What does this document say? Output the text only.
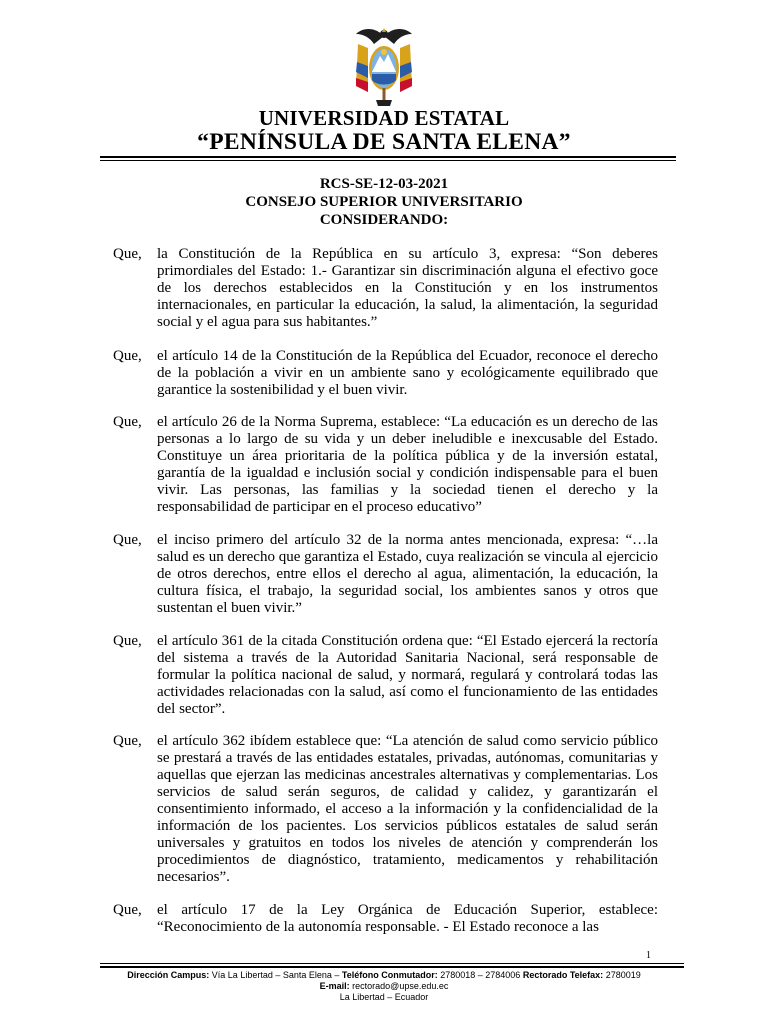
UNIVERSIDAD ESTATAL
“PENÍNSULA DE SANTA ELENA”
RCS-SE-12-03-2021
CONSEJO SUPERIOR UNIVERSITARIO
CONSIDERANDO:
Que, la Constitución de la República en su artículo 3, expresa: “Son deberes primordiales del Estado: 1.- Garantizar sin discriminación alguna el efectivo goce de los derechos establecidos en la Constitución y en los instrumentos internacionales, en particular la educación, la salud, la alimentación, la seguridad social y el agua para sus habitantes.”
Que, el artículo 14 de la Constitución de la República del Ecuador, reconoce el derecho de la población a vivir en un ambiente sano y ecológicamente equilibrado que garantice la sostenibilidad y el buen vivir.
Que, el artículo 26 de la Norma Suprema, establece: “La educación es un derecho de las personas a lo largo de su vida y un deber ineludible e inexcusable del Estado. Constituye un área prioritaria de la política pública y de la inversión estatal, garantía de la igualdad e inclusión social y condición indispensable para el buen vivir. Las personas, las familias y la sociedad tienen el derecho y la responsabilidad de participar en el proceso educativo”
Que, el inciso primero del artículo 32 de la norma antes mencionada, expresa: “…la salud es un derecho que garantiza el Estado, cuya realización se vincula al ejercicio de otros derechos, entre ellos el derecho al agua, alimentación, la educación, la cultura física, el trabajo, la seguridad social, los ambientes sanos y otros que sustentan el buen vivir.”
Que, el artículo 361 de la citada Constitución ordena que: “El Estado ejercerá la rectoría del sistema a través de la Autoridad Sanitaria Nacional, será responsable de formular la política nacional de salud, y normará, regulará y controlará todas las actividades relacionadas con la salud, así como el funcionamiento de las entidades del sector”.
Que, el artículo 362 ibídem establece que: “La atención de salud como servicio público se prestará a través de las entidades estatales, privadas, autónomas, comunitarias y aquellas que ejerzan las medicinas ancestrales alternativas y complementarias. Los servicios de salud serán seguros, de calidad y calidez, y garantizarán el consentimiento informado, el acceso a la información y la confidencialidad de la información de los pacientes. Los servicios públicos estatales de salud serán universales y gratuitos en todos los niveles de atención y comprenderán los procedimientos de diagnóstico, tratamiento, medicamentos y rehabilitación necesarios”.
Que, el artículo 17 de la Ley Orgánica de Educación Superior, establece: “Reconocimiento de la autonomía responsable. - El Estado reconoce a las
1
Dirección Campus: Vía La Libertad – Santa Elena – Teléfono Conmutador: 2780018 – 2784006 Rectorado Telefax: 2780019
E-mail: rectorado@upse.edu.ec
La Libertad – Ecuador
